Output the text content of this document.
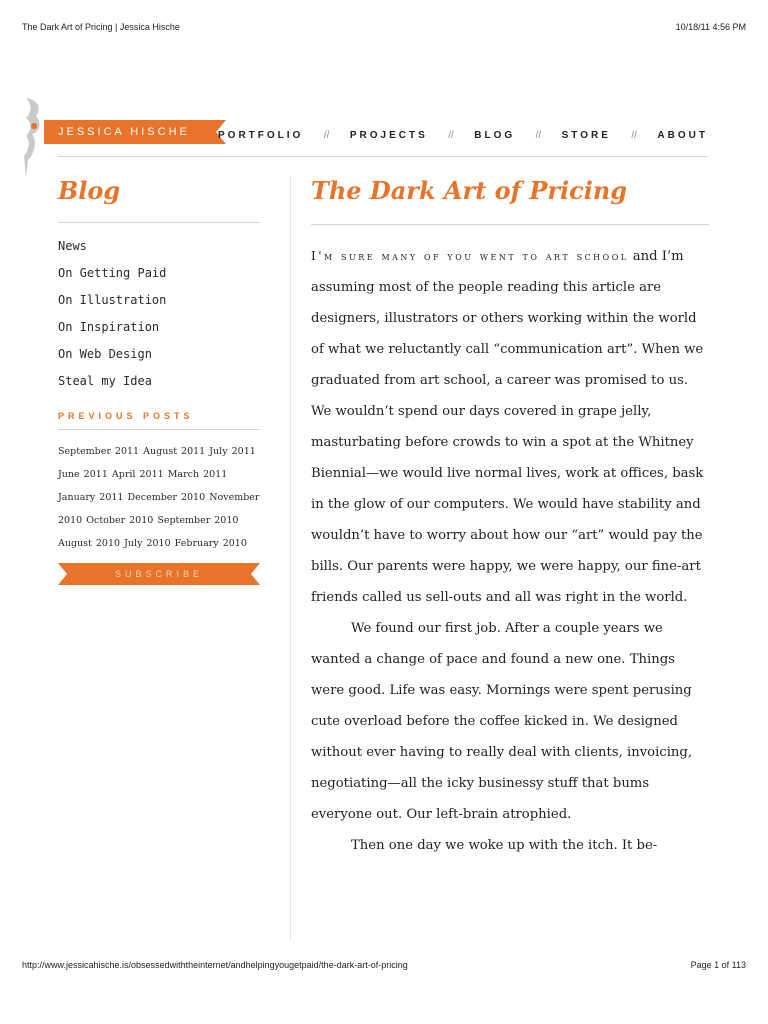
The Dark Art of Pricing | Jessica Hische	10/18/11 4:56 PM
JESSICA HISCHE	PORTFOLIO // PROJECTS // BLOG // STORE // ABOUT
Blog
News
On Getting Paid
On Illustration
On Inspiration
On Web Design
Steal my Idea
PREVIOUS POSTS
September 2011 August 2011 July 2011 June 2011 April 2011 March 2011 January 2011 December 2010 November 2010 October 2010 September 2010 August 2010 July 2010 February 2010
SUBSCRIBE
The Dark Art of Pricing

I'm sure many of you went to art school and I’m assuming most of the people reading this article are designers, illustrators or others working within the world of what we reluctantly call “communication art”. When we graduated from art school, a career was promised to us. We wouldn’t spend our days covered in grape jelly, masturbating before crowds to win a spot at the Whitney Biennial—we would live normal lives, work at offices, bask in the glow of our computers. We would have stability and wouldn’t have to worry about how our “art” would pay the bills. Our parents were happy, we were happy, our fine-art friends called us sell-outs and all was right in the world.

We found our first job. After a couple years we wanted a change of pace and found a new one. Things were good. Life was easy. Mornings were spent perusing cute overload before the coffee kicked in. We designed without ever having to really deal with clients, invoicing, negotiating—all the icky businessy stuff that bums everyone out. Our left-brain atrophied.

Then one day we woke up with the itch. It be-

http://www.jessicahische.is/obsessedwiththeinternet/andhelpingyougetpaid/the-dark-art-of-pricing	Page 1 of 113
